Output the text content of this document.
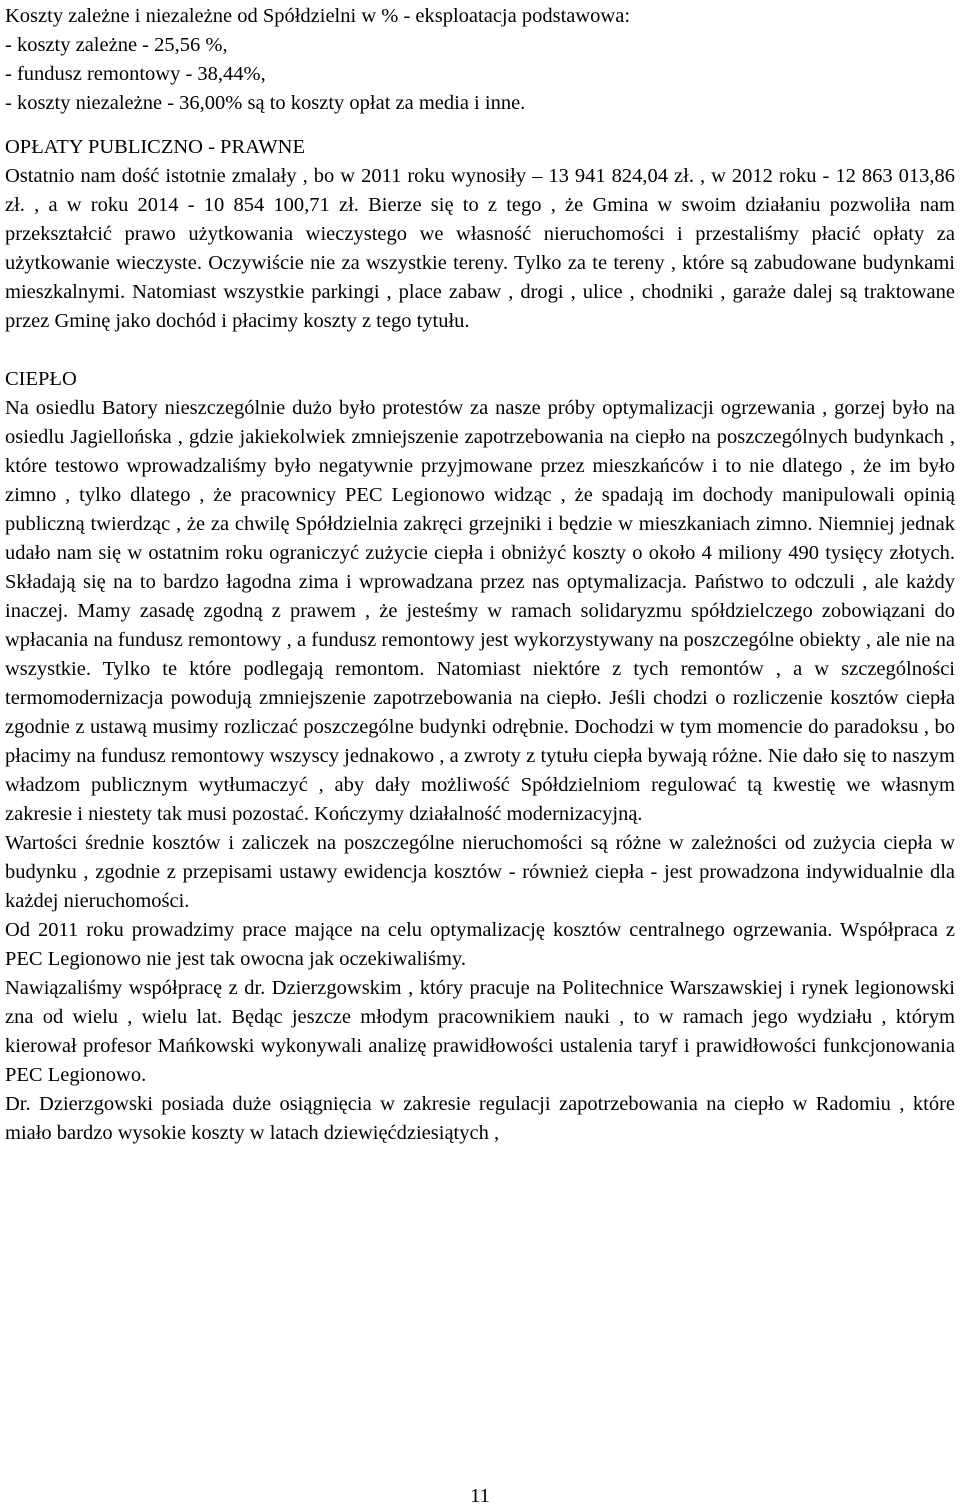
Koszty zależne i niezależne od Spółdzielni w % - eksploatacja podstawowa:

- koszty zależne - 25,56 %,

- fundusz remontowy - 38,44%,

- koszty niezależne - 36,00% są to koszty opłat za media i inne.

OPŁATY PUBLICZNO - PRAWNE

Ostatnio nam dość istotnie zmalały , bo w 2011 roku wynosiły – 13 941 824,04 zł. , w 2012 roku - 12 863 013,86 zł. , a w roku 2014 - 10 854 100,71 zł. Bierze się to z tego , że Gmina w swoim działaniu pozwoliła nam przekształcić prawo użytkowania wieczystego we własność nieruchomości i przestaliśmy płacić opłaty za użytkowanie wieczyste. Oczywiście nie za wszystkie tereny. Tylko za te tereny , które są zabudowane budynkami mieszkalnymi. Natomiast wszystkie parkingi , place zabaw , drogi , ulice , chodniki , garaże dalej są traktowane przez Gminę jako dochód i płacimy koszty z tego tytułu.

CIEPŁO

Na osiedlu Batory nieszczególnie dużo było protestów za nasze próby optymalizacji ogrzewania , gorzej było na osiedlu Jagiellońska , gdzie jakiekolwiek zmniejszenie zapotrzebowania na ciepło na poszczególnych budynkach , które testowo wprowadzaliśmy było negatywnie przyjmowane przez mieszkańców i to nie dlatego , że im było zimno , tylko dlatego , że pracownicy PEC Legionowo widząc , że spadają im dochody manipulowali opinią publiczną twierdząc , że za chwilę Spółdzielnia zakręci grzejniki i będzie w mieszkaniach zimno. Niemniej jednak udało nam się w ostatnim roku ograniczyć zużycie ciepła i obniżyć koszty o około 4 miliony 490 tysięcy złotych. Składają się na to bardzo łagodna zima i wprowadzana przez nas optymalizacja. Państwo to odczuli , ale każdy inaczej. Mamy zasadę zgodną z prawem , że jesteśmy w ramach solidaryzmu spółdzielczego zobowiązani do wpłacania na fundusz remontowy , a fundusz remontowy jest wykorzystywany na poszczególne obiekty , ale nie na wszystkie. Tylko te które podlegają remontom. Natomiast niektóre z tych remontów , a w szczególności termomodernizacja powodują zmniejszenie zapotrzebowania na ciepło. Jeśli chodzi o rozliczenie kosztów ciepła zgodnie z ustawą musimy rozliczać poszczególne budynki odrębnie. Dochodzi w tym momencie do paradoksu , bo płacimy na fundusz remontowy wszyscy jednakowo , a zwroty z tytułu ciepła bywają różne. Nie dało się to naszym władzom publicznym wytłumaczyć , aby dały możliwość Spółdzielniom regulować tą kwestię we własnym zakresie i niestety tak musi pozostać. Kończymy działalność modernizacyjną.

Wartości średnie kosztów i zaliczek na poszczególne nieruchomości są różne w zależności od zużycia ciepła w budynku , zgodnie z przepisami ustawy ewidencja kosztów - również ciepła - jest prowadzona indywidualnie dla każdej nieruchomości.

Od 2011 roku prowadzimy prace mające na celu optymalizację kosztów centralnego ogrzewania. Współpraca z PEC Legionowo nie jest tak owocna jak oczekiwaliśmy.

Nawiązaliśmy współpracę z dr. Dzierzgowskim , który pracuje na Politechnice Warszawskiej i rynek legionowski zna od wielu , wielu lat. Będąc jeszcze młodym pracownikiem nauki , to w ramach jego wydziału , którym kierował profesor Mańkowski wykonywali analizę prawidłowości ustalenia taryf i prawidłowości funkcjonowania PEC Legionowo.

Dr. Dzierzgowski posiada duże osiągnięcia w zakresie regulacji zapotrzebowania na ciepło w Radomiu , które miało bardzo wysokie koszty w latach dziewięćdziesiątych ,

11
